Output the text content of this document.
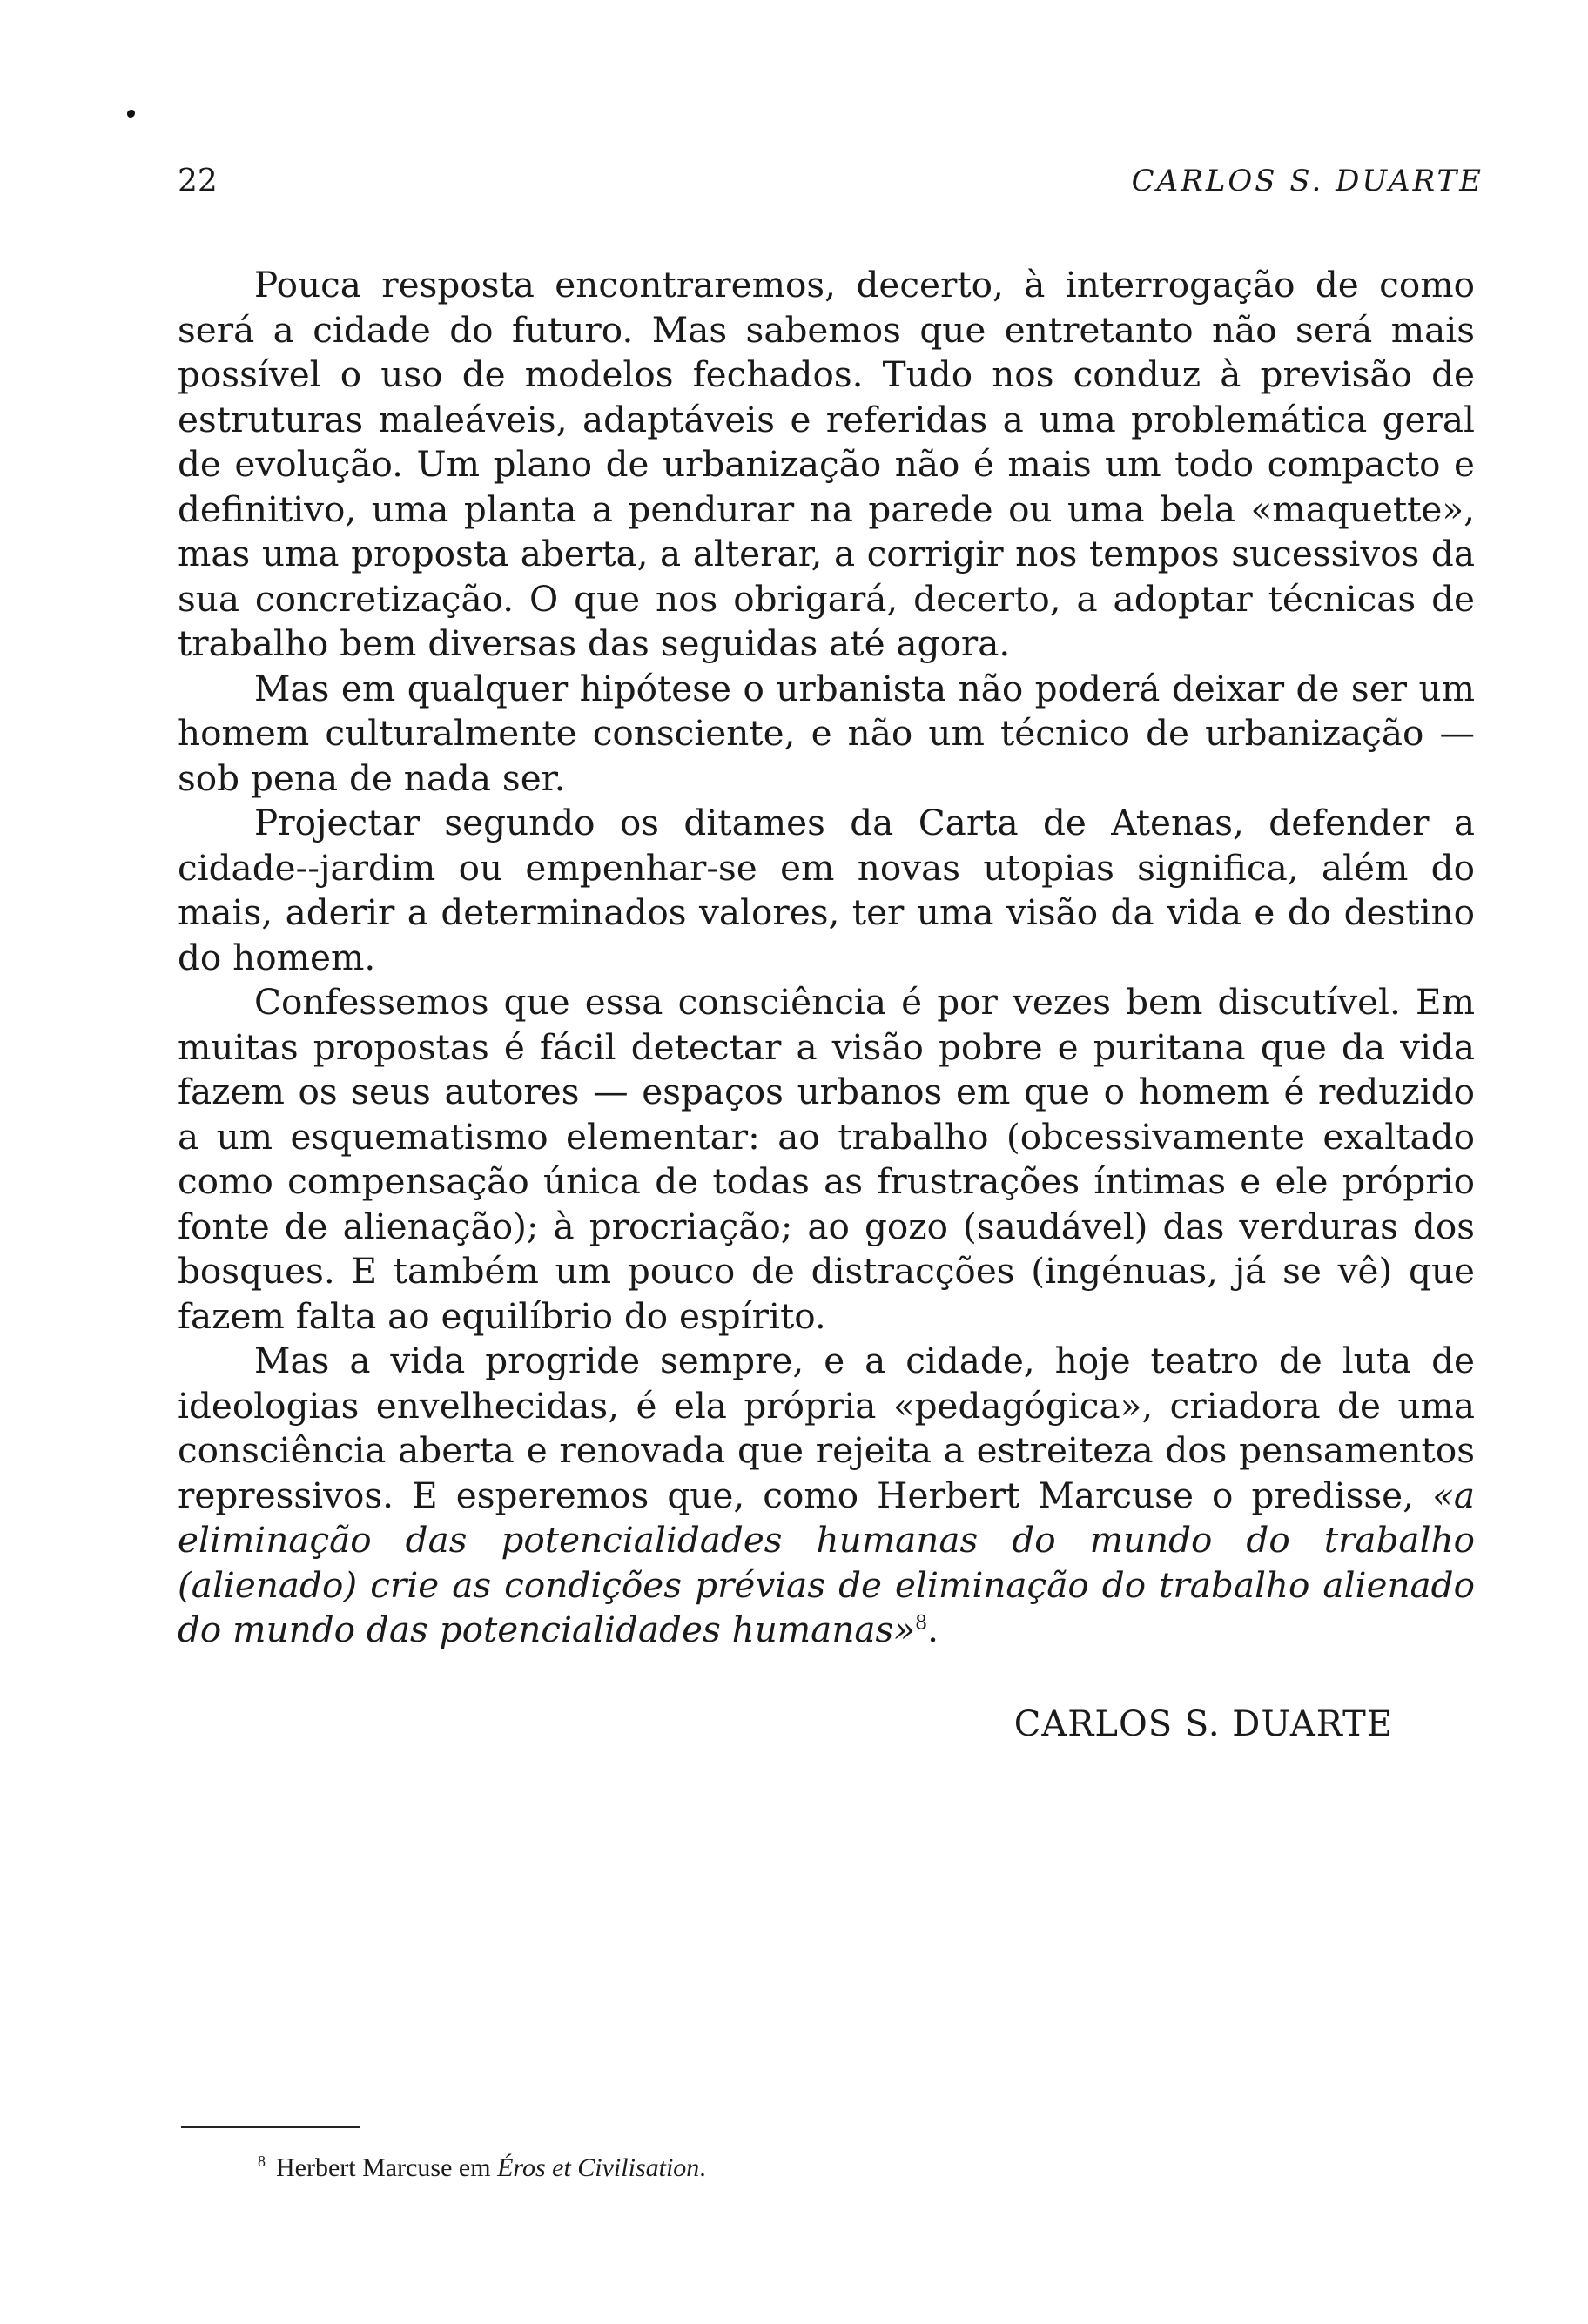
22	CARLOS S. DUARTE

Pouca resposta encontraremos, decerto, à interrogação de como será a cidade do futuro. Mas sabemos que entretanto não será mais possível o uso de modelos fechados. Tudo nos conduz à previsão de estruturas maleáveis, adaptáveis e referidas a uma problemática geral de evolução. Um plano de urbanização não é mais um todo compacto e definitivo, uma planta a pendurar na parede ou uma bela «maquette», mas uma proposta aberta, a alterar, a corrigir nos tempos sucessivos da sua concretização. O que nos obrigará, decerto, a adoptar técnicas de trabalho bem diversas das seguidas até agora.

Mas em qualquer hipótese o urbanista não poderá deixar de ser um homem culturalmente consciente, e não um técnico de urbanização — sob pena de nada ser.

Projectar segundo os ditames da Carta de Atenas, defender a cidade--jardim ou empenhar-se em novas utopias significa, além do mais, aderir a determinados valores, ter uma visão da vida e do destino do homem.

Confessemos que essa consciência é por vezes bem discutível. Em muitas propostas é fácil detectar a visão pobre e puritana que da vida fazem os seus autores — espaços urbanos em que o homem é reduzido a um esquematismo elementar: ao trabalho (obcessivamente exaltado como compensação única de todas as frustrações íntimas e ele próprio fonte de alienação); à procriação; ao gozo (saudável) das verduras dos bosques. E também um pouco de distracções (ingénuas, já se vê) que fazem falta ao equilíbrio do espírito.

Mas a vida progride sempre, e a cidade, hoje teatro de luta de ideologias envelhecidas, é ela própria «pedagógica», criadora de uma consciência aberta e renovada que rejeita a estreiteza dos pensamentos repressivos. E esperemos que, como Herbert Marcuse o predisse, «a eliminação das potencialidades humanas do mundo do trabalho (alienado) crie as condições prévias de eliminação do trabalho alienado do mundo das potencialidades humanas»$^8$.

CARLOS S. DUARTE
$^8$ Herbert Marcuse em Éros et Civilisation.
